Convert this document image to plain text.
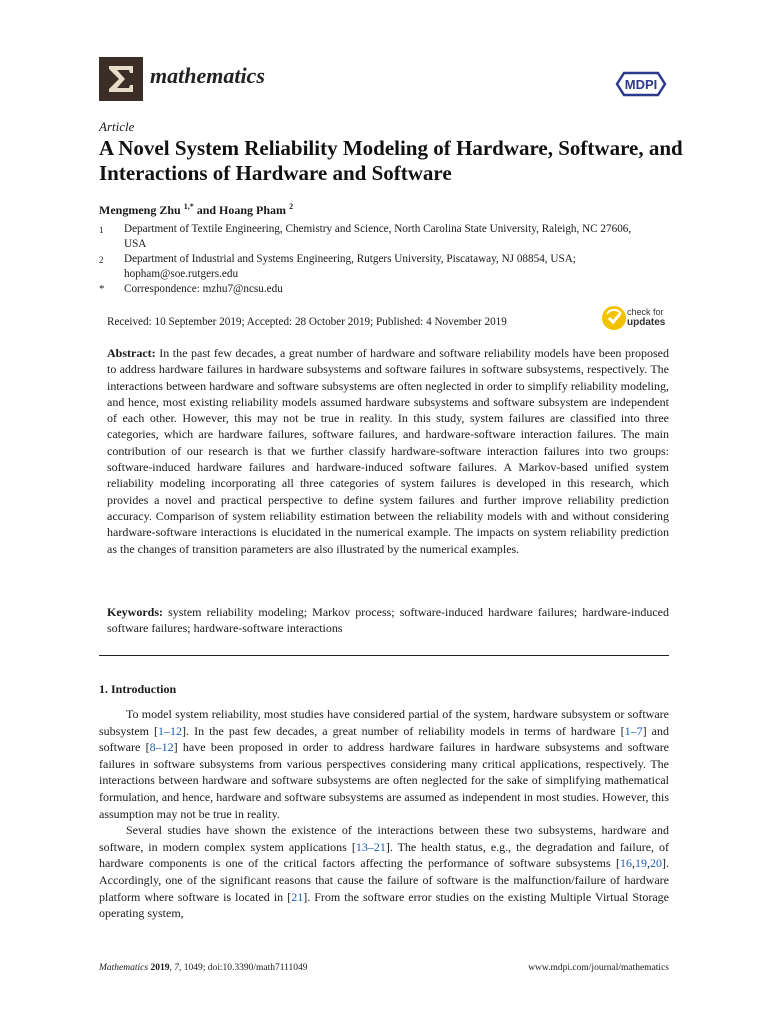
mathematics	MDPI
Article
A Novel System Reliability Modeling of Hardware, Software, and Interactions of Hardware and Software
Mengmeng Zhu $^{1,*}$ and Hoang Pham $^2$
1	Department of Textile Engineering, Chemistry and Science, North Carolina State University, Raleigh, NC 27606, USA
2	Department of Industrial and Systems Engineering, Rutgers University, Piscataway, NJ 08854, USA; hopham@soe.rutgers.edu
*	Correspondence: mzhu7@ncsu.edu
Received: 10 September 2019; Accepted: 28 October 2019; Published: 4 November 2019
check for
updates
Abstract: In the past few decades, a great number of hardware and software reliability models have been proposed to address hardware failures in hardware subsystems and software failures in software subsystems, respectively. The interactions between hardware and software subsystems are often neglected in order to simplify reliability modeling, and hence, most existing reliability models assumed hardware subsystems and software subsystem are independent of each other. However, this may not be true in reality. In this study, system failures are classified into three categories, which are hardware failures, software failures, and hardware-software interaction failures. The main contribution of our research is that we further classify hardware-software interaction failures into two groups: software-induced hardware failures and hardware-induced software failures. A Markov-based unified system reliability modeling incorporating all three categories of system failures is developed in this research, which provides a novel and practical perspective to define system failures and further improve reliability prediction accuracy. Comparison of system reliability estimation between the reliability models with and without considering hardware-software interactions is elucidated in the numerical example. The impacts on system reliability prediction as the changes of transition parameters are also illustrated by the numerical examples.
Keywords: system reliability modeling; Markov process; software-induced hardware failures; hardware-induced software failures; hardware-software interactions
1. Introduction

To model system reliability, most studies have considered partial of the system, hardware subsystem or software subsystem [1–12]. In the past few decades, a great number of reliability models in terms of hardware [1–7] and software [8–12] have been proposed in order to address hardware failures in hardware subsystems and software failures in software subsystems from various perspectives considering many critical applications, respectively. The interactions between hardware and software subsystems are often neglected for the sake of simplifying mathematical formulation, and hence, hardware and software subsystems are assumed as independent in most studies. However, this assumption may not be true in reality.

Several studies have shown the existence of the interactions between these two subsystems, hardware and software, in modern complex system applications [13–21]. The health status, e.g., the degradation and failure, of hardware components is one of the critical factors affecting the performance of software subsystems [16,19,20]. Accordingly, one of the significant reasons that cause the failure of software is the malfunction/failure of hardware platform where software is located in [21]. From the software error studies on the existing Multiple Virtual Storage operating system,

Mathematics 2019, 7, 1049; doi:10.3390/math7111049	www.mdpi.com/journal/mathematics
